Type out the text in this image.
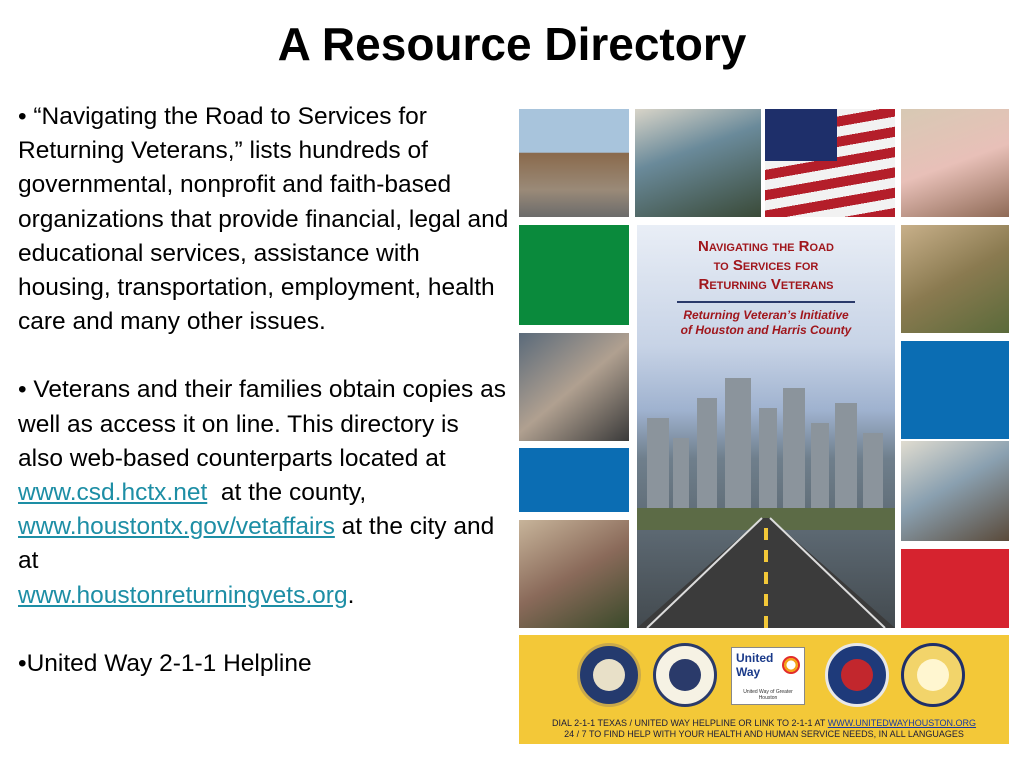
A Resource Directory

• “Navigating the Road to Services for Returning Veterans,” lists hundreds of governmental, nonprofit and faith-based organizations that provide financial, legal and educational services, assistance with housing, transportation, employment, health care and many other issues.

• Veterans and their families obtain copies as well as access it on line. This directory is also web-based counterparts located at
www.csd.hctx.net  at the county,
www.houstontx.gov/vetaffairs at the city and at
www.houstonreturningvets.org.

•United Way 2-1-1 Helpline

Navigating the Road
to Services for
Returning Veterans
Returning Veteran’s Initiative
of Houston and Harris County
United
Way
United Way of Greater Houston
DIAL 2-1-1 TEXAS / UNITED WAY HELPLINE OR LINK TO 2-1-1 AT WWW.UNITEDWAYHOUSTON.ORG
24 / 7 TO FIND HELP WITH YOUR HEALTH AND HUMAN SERVICE NEEDS, IN ALL LANGUAGES
